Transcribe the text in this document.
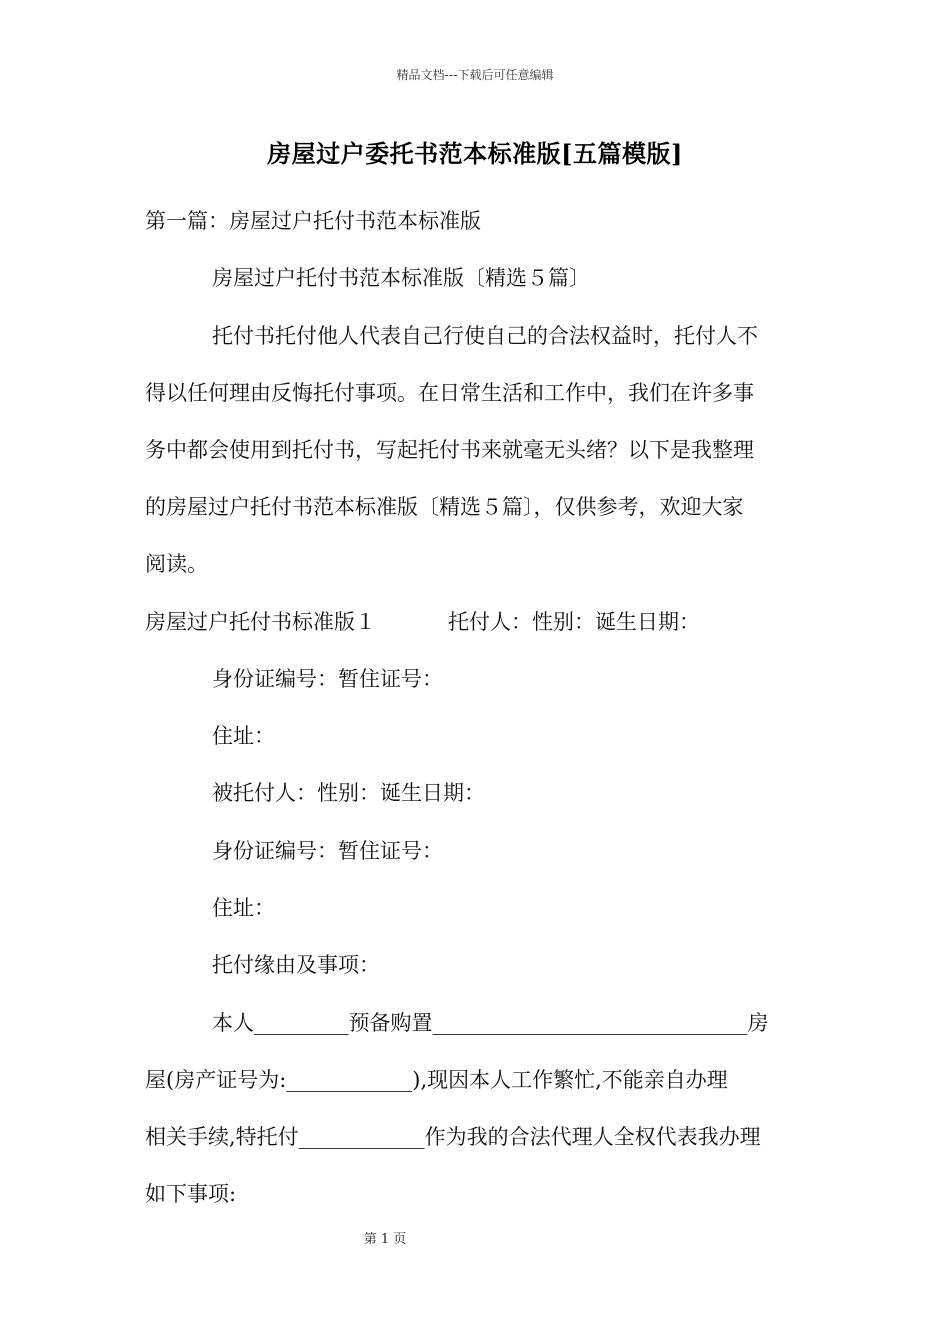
精品文档---下载后可任意编辑
房屋过户委托书范本标准版[五篇模版]
第一篇：房屋过户托付书范本标准版
房屋过户托付书范本标准版〔精选５篇〕
托付书托付他人代表自己行使自己的合法权益时，托付人不
得以任何理由反悔托付事项。在日常生活和工作中，我们在许多事
务中都会使用到托付书，写起托付书来就毫无头绪？以下是我整理
的房屋过户托付书范本标准版〔精选５篇〕，仅供参考，欢迎大家
阅读。
房屋过户托付书标准版１	托付人：性别：诞生日期：
身份证编号：暂住证号：
住址：
被托付人：性别：诞生日期：
身份证编号：暂住证号：
住址：
托付缘由及事项：
本人_________预备购置______________________________房
屋(房产证号为:____________),现因本人工作繁忙,不能亲自办理
相关手续,特托付____________作为我的合法代理人全权代表我办理
如下事项:
第 1 页
